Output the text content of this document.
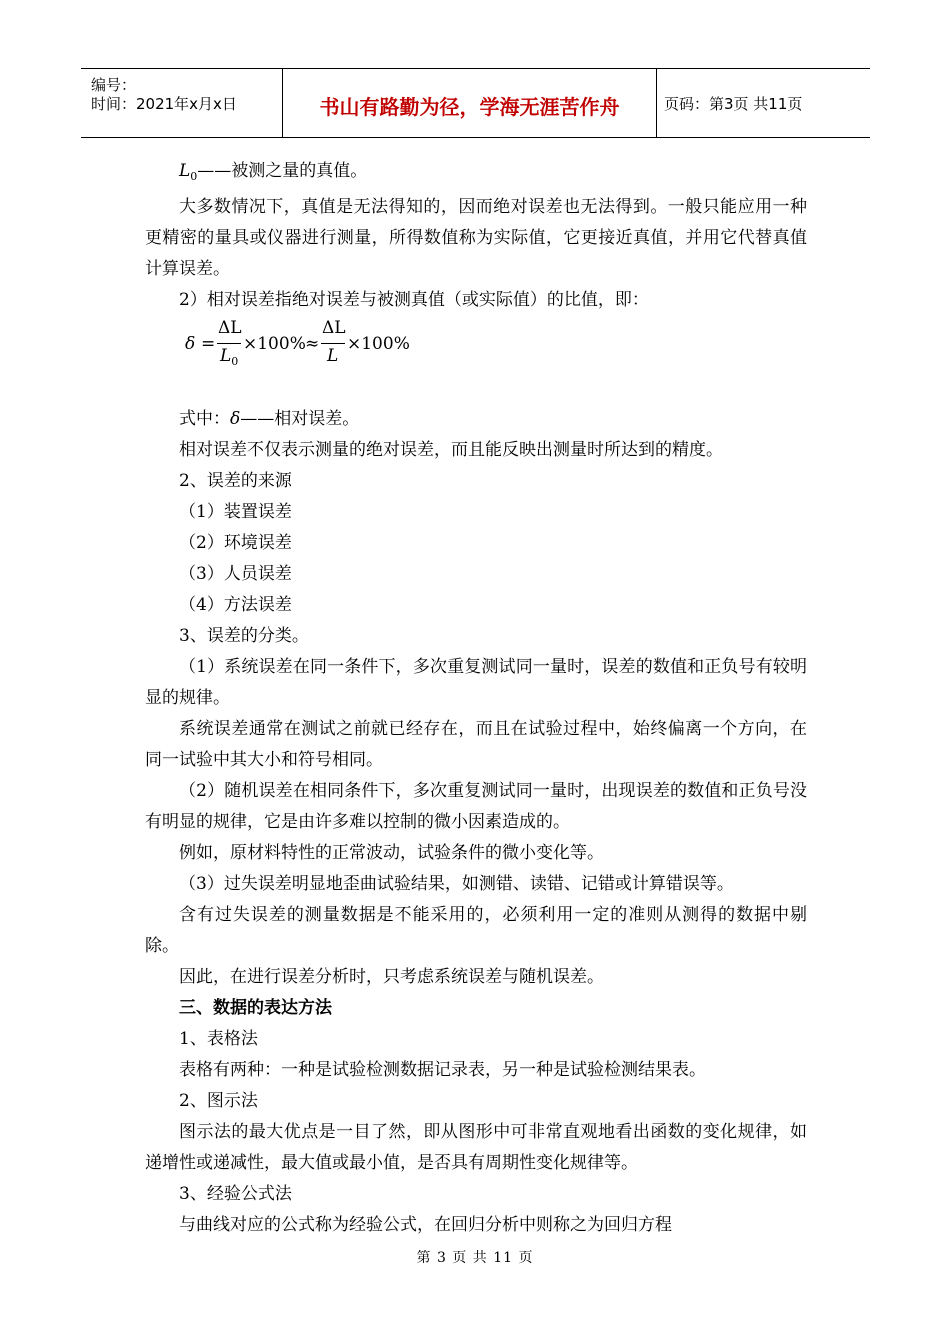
编号：
时间：2021年x月x日	书山有路勤为径，学海无涯苦作舟	页码：第3页 共11页

$L_0——$被测之量的真值。

大多数情况下，真值是无法得知的，因而绝对误差也无法得到。一般只能应用一种更精密的量具或仪器进行测量，所得数值称为实际值，它更接近真值，并用它代替真值计算误差。

2）相对误差指绝对误差与被测真值（或实际值）的比值，即：

δ =
ΔL
$L_0$
×100% ≈
ΔL
L
×100%

式中：δ——相对误差。

相对误差不仅表示测量的绝对误差，而且能反映出测量时所达到的精度。

2、误差的来源

（1）装置误差

（2）环境误差

（3）人员误差

（4）方法误差

3、误差的分类。

（1）系统误差在同一条件下，多次重复测试同一量时，误差的数值和正负号有较明显的规律。

系统误差通常在测试之前就已经存在，而且在试验过程中，始终偏离一个方向，在同一试验中其大小和符号相同。

（2）随机误差在相同条件下，多次重复测试同一量时，出现误差的数值和正负号没有明显的规律，它是由许多难以控制的微小因素造成的。

例如，原材料特性的正常波动，试验条件的微小变化等。

（3）过失误差明显地歪曲试验结果，如测错、读错、记错或计算错误等。

含有过失误差的测量数据是不能采用的，必须利用一定的准则从测得的数据中剔除。

因此，在进行误差分析时，只考虑系统误差与随机误差。

三、数据的表达方法

1、表格法

表格有两种：一种是试验检测数据记录表，另一种是试验检测结果表。

2、图示法

图示法的最大优点是一目了然，即从图形中可非常直观地看出函数的变化规律，如递增性或递减性，最大值或最小值，是否具有周期性变化规律等。

3、经验公式法

与曲线对应的公式称为经验公式，在回归分析中则称之为回归方程

第 3 页 共 11 页
